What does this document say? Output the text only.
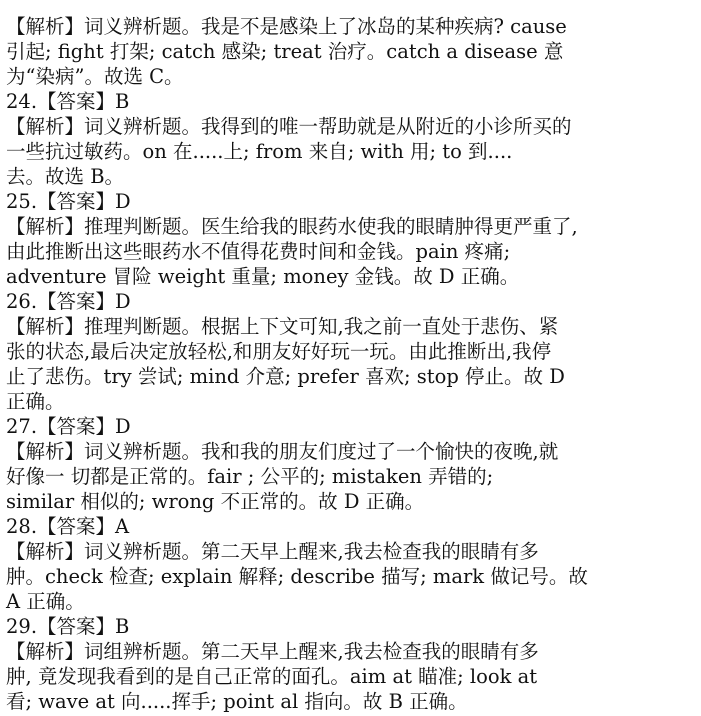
【解析】词义辨析题。我是不是感染上了冰岛的某种疾病? cause
引起; fight 打架; catch 感染; treat 治疗。catch a disease 意
为“染病”。故选 C。
24.【答案】B
【解析】词义辨析题。我得到的唯一帮助就是从附近的小诊所买的
一些抗过敏药。on 在.....上; from 来自; with 用; to 到....
去。故选 B。
25.【答案】D
【解析】推理判断题。医生给我的眼药水使我的眼睛肿得更严重了,
由此推断出这些眼药水不值得花费时间和金钱。pain 疼痛;
adventure 冒险 weight 重量; money 金钱。故 D 正确。
26.【答案】D
【解析】推理判断题。根据上下文可知,我之前一直处于悲伤、紧
张的状态,最后决定放轻松,和朋友好好玩一玩。由此推断出,我停
止了悲伤。try 尝试; mind 介意; prefer 喜欢; stop 停止。故 D
正确。
27.【答案】D
【解析】词义辨析题。我和我的朋友们度过了一个愉快的夜晚,就
好像一 切都是正常的。fair ; 公平的; mistaken 弄错的;
similar 相似的; wrong 不正常的。故 D 正确。
28.【答案】A
【解析】词义辨析题。第二天早上醒来,我去检查我的眼睛有多
肿。check 检查; explain 解释; describe 描写; mark 做记号。故
A 正确。
29.【答案】B
【解析】词组辨析题。第二天早上醒来,我去检查我的眼睛有多
肿, 竟发现我看到的是自己正常的面孔。aim at 瞄准; look at
看; wave at 向.....挥手; point al 指向。故 B 正确。
